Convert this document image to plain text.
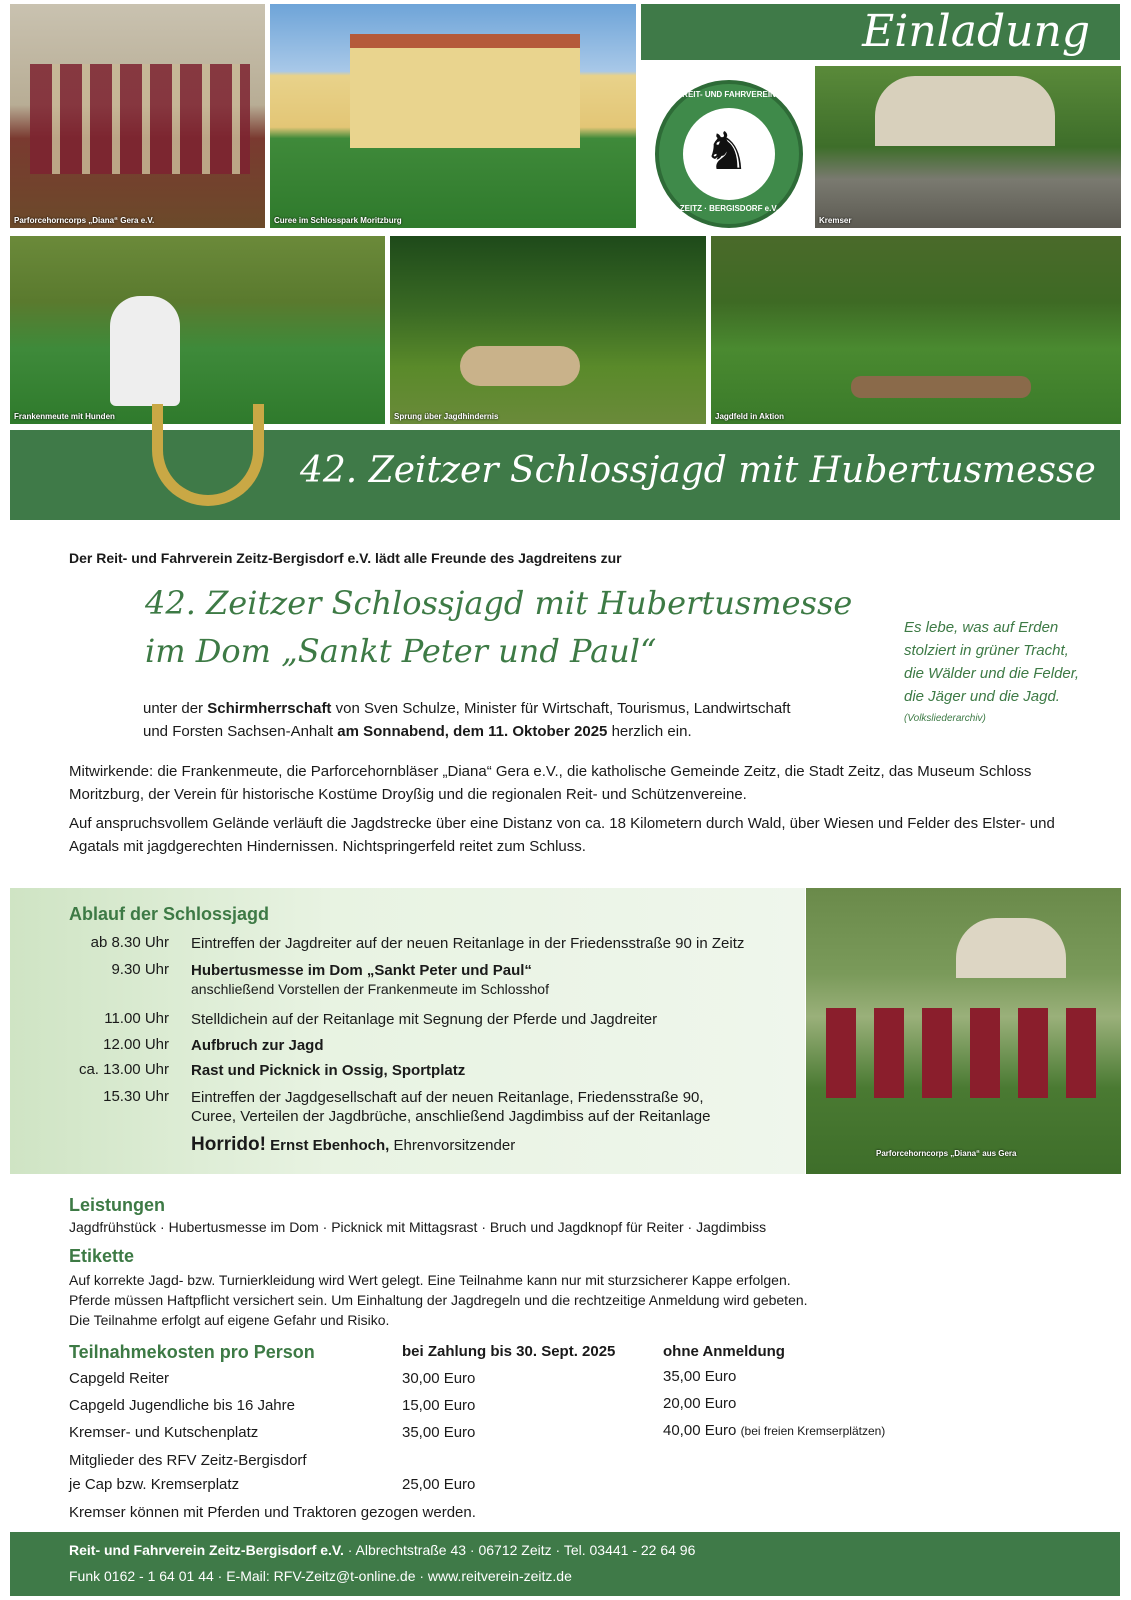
Parforcehorncorps „Diana“ Gera e.V.	Curee im Schlosspark Moritzburg
Einladung
♞
REIT- UND FAHRVEREIN
ZEITZ · BERGISDORF e.V.
Kremser
Frankenmeute mit Hunden	Sprung über Jagdhindernis	Jagdfeld in Aktion
42. Zeitzer Schlossjagd mit Hubertusmesse

Der Reit- und Fahrverein Zeitz-Bergisdorf e.V. lädt alle Freunde des Jagdreitens zur

42. Zeitzer Schlossjagd mit Hubertusmesse
im Dom „Sankt Peter und Paul“
Es lebe, was auf Erden
stolziert in grüner Tracht,
die Wälder und die Felder,
die Jäger und die Jagd.
(Volksliederarchiv)
unter der Schirmherrschaft von Sven Schulze, Minister für Wirtschaft, Tourismus, Landwirtschaft
und Forsten Sachsen-Anhalt am Sonnabend, dem 11. Oktober 2025 herzlich ein.

Mitwirkende: die Frankenmeute, die Parforcehornbläser „Diana“ Gera e.V., die katholische Gemeinde Zeitz, die Stadt Zeitz, das Museum Schloss Moritzburg, der Verein für historische Kostüme Droyßig und die regionalen Reit- und Schützenvereine.

Auf anspruchsvollem Gelände verläuft die Jagdstrecke über eine Distanz von ca. 18 Kilometern durch Wald, über Wiesen und Felder des Elster- und Agatals mit jagdgerechten Hindernissen. Nichtspringerfeld reitet zum Schluss.

Ablauf der Schlossjagd
ab 8.30 Uhr Eintreffen der Jagdreiter auf der neuen Reitanlage in der Friedensstraße 90 in Zeitz
9.30 Uhr Hubertusmesse im Dom „Sankt Peter und Paul“
anschließend Vorstellen der Frankenmeute im Schlosshof
11.00 Uhr Stelldichein auf der Reitanlage mit Segnung der Pferde und Jagdreiter
12.00 Uhr Aufbruch zur Jagd
ca. 13.00 Uhr Rast und Picknick in Ossig, Sportplatz
15.30 Uhr Eintreffen der Jagdgesellschaft auf der neuen Reitanlage, Friedensstraße 90, Curee, Verteilen der Jagdbrüche, anschließend Jagdimbiss auf der Reitanlage
Horrido! Ernst Ebenhoch, Ehrenvorsitzender	Parforcehorncorps „Diana“ aus Gera
Leistungen

Jagdfrühstück · Hubertusmesse im Dom · Picknick mit Mittagsrast · Bruch und Jagdknopf für Reiter · Jagdimbiss

Etikette
Auf korrekte Jagd- bzw. Turnierkleidung wird Wert gelegt. Eine Teilnahme kann nur mit sturzsicherer Kappe erfolgen.
Pferde müssen Haftpflicht versichert sein. Um Einhaltung der Jagdregeln und die rechtzeitige Anmeldung wird gebeten.
Die Teilnahme erfolgt auf eigene Gefahr und Risiko.
Teilnahmekosten pro Person	bei Zahlung bis 30. Sept. 2025	ohne Anmeldung
Capgeld Reiter	30,00 Euro	35,00 Euro
Capgeld Jugendliche bis 16 Jahre	15,00 Euro	20,00 Euro
Kremser- und Kutschenplatz	35,00 Euro	40,00 Euro (bei freien Kremserplätzen)
Mitglieder des RFV Zeitz-Bergisdorf
je Cap bzw. Kremserplatz	25,00 Euro

Kremser können mit Pferden und Traktoren gezogen werden.

Reit- und Fahrverein Zeitz-Bergisdorf e.V. · Albrechtstraße 43 · 06712 Zeitz · Tel. 03441 - 22 64 96
Funk 0162 - 1 64 01 44 · E-Mail: RFV-Zeitz@t-online.de · www.reitverein-zeitz.de
